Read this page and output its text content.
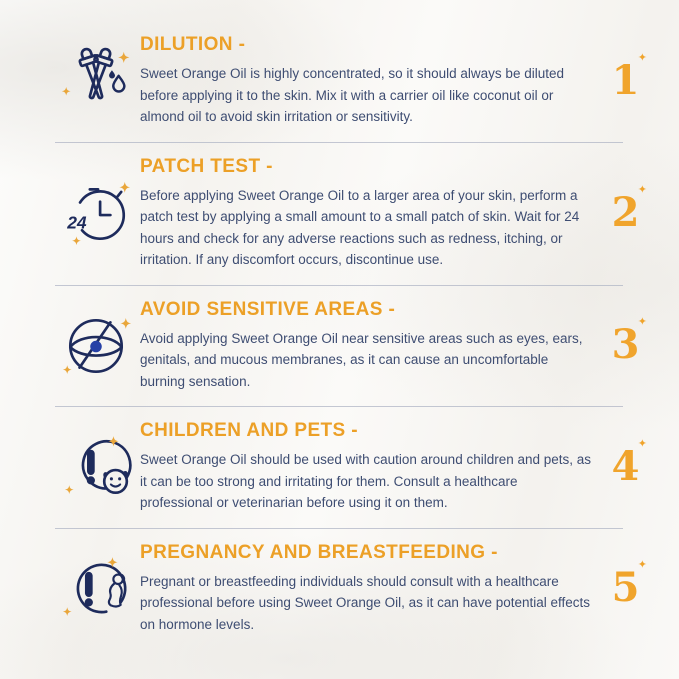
DILUTION -

Sweet Orange Oil is highly concentrated, so it should always be diluted before applying it to the skin. Mix it with a carrier oil like coconut oil or almond oil to avoid skin irritation or sensitivity.

1
✦
24
PATCH TEST -

Before applying Sweet Orange Oil to a larger area of your skin, perform a patch test by applying a small amount to a small patch of skin. Wait for 24 hours and check for any adverse reactions such as redness, itching, or irritation. If any discomfort occurs, discontinue use.

2
✦
AVOID SENSITIVE AREAS -

Avoid applying Sweet Orange Oil near sensitive areas such as eyes, ears, genitals, and mucous membranes, as it can cause an uncomfortable burning sensation.

3
✦
CHILDREN AND PETS -

Sweet Orange Oil should be used with caution around children and pets, as it can be too strong and irritating for them. Consult a healthcare professional or veterinarian before using it on them.

4
✦
PREGNANCY AND BREASTFEEDING -

Pregnant or breastfeeding individuals should consult with a healthcare professional before using Sweet Orange Oil, as it can have potential effects on hormone levels.

5
✦
